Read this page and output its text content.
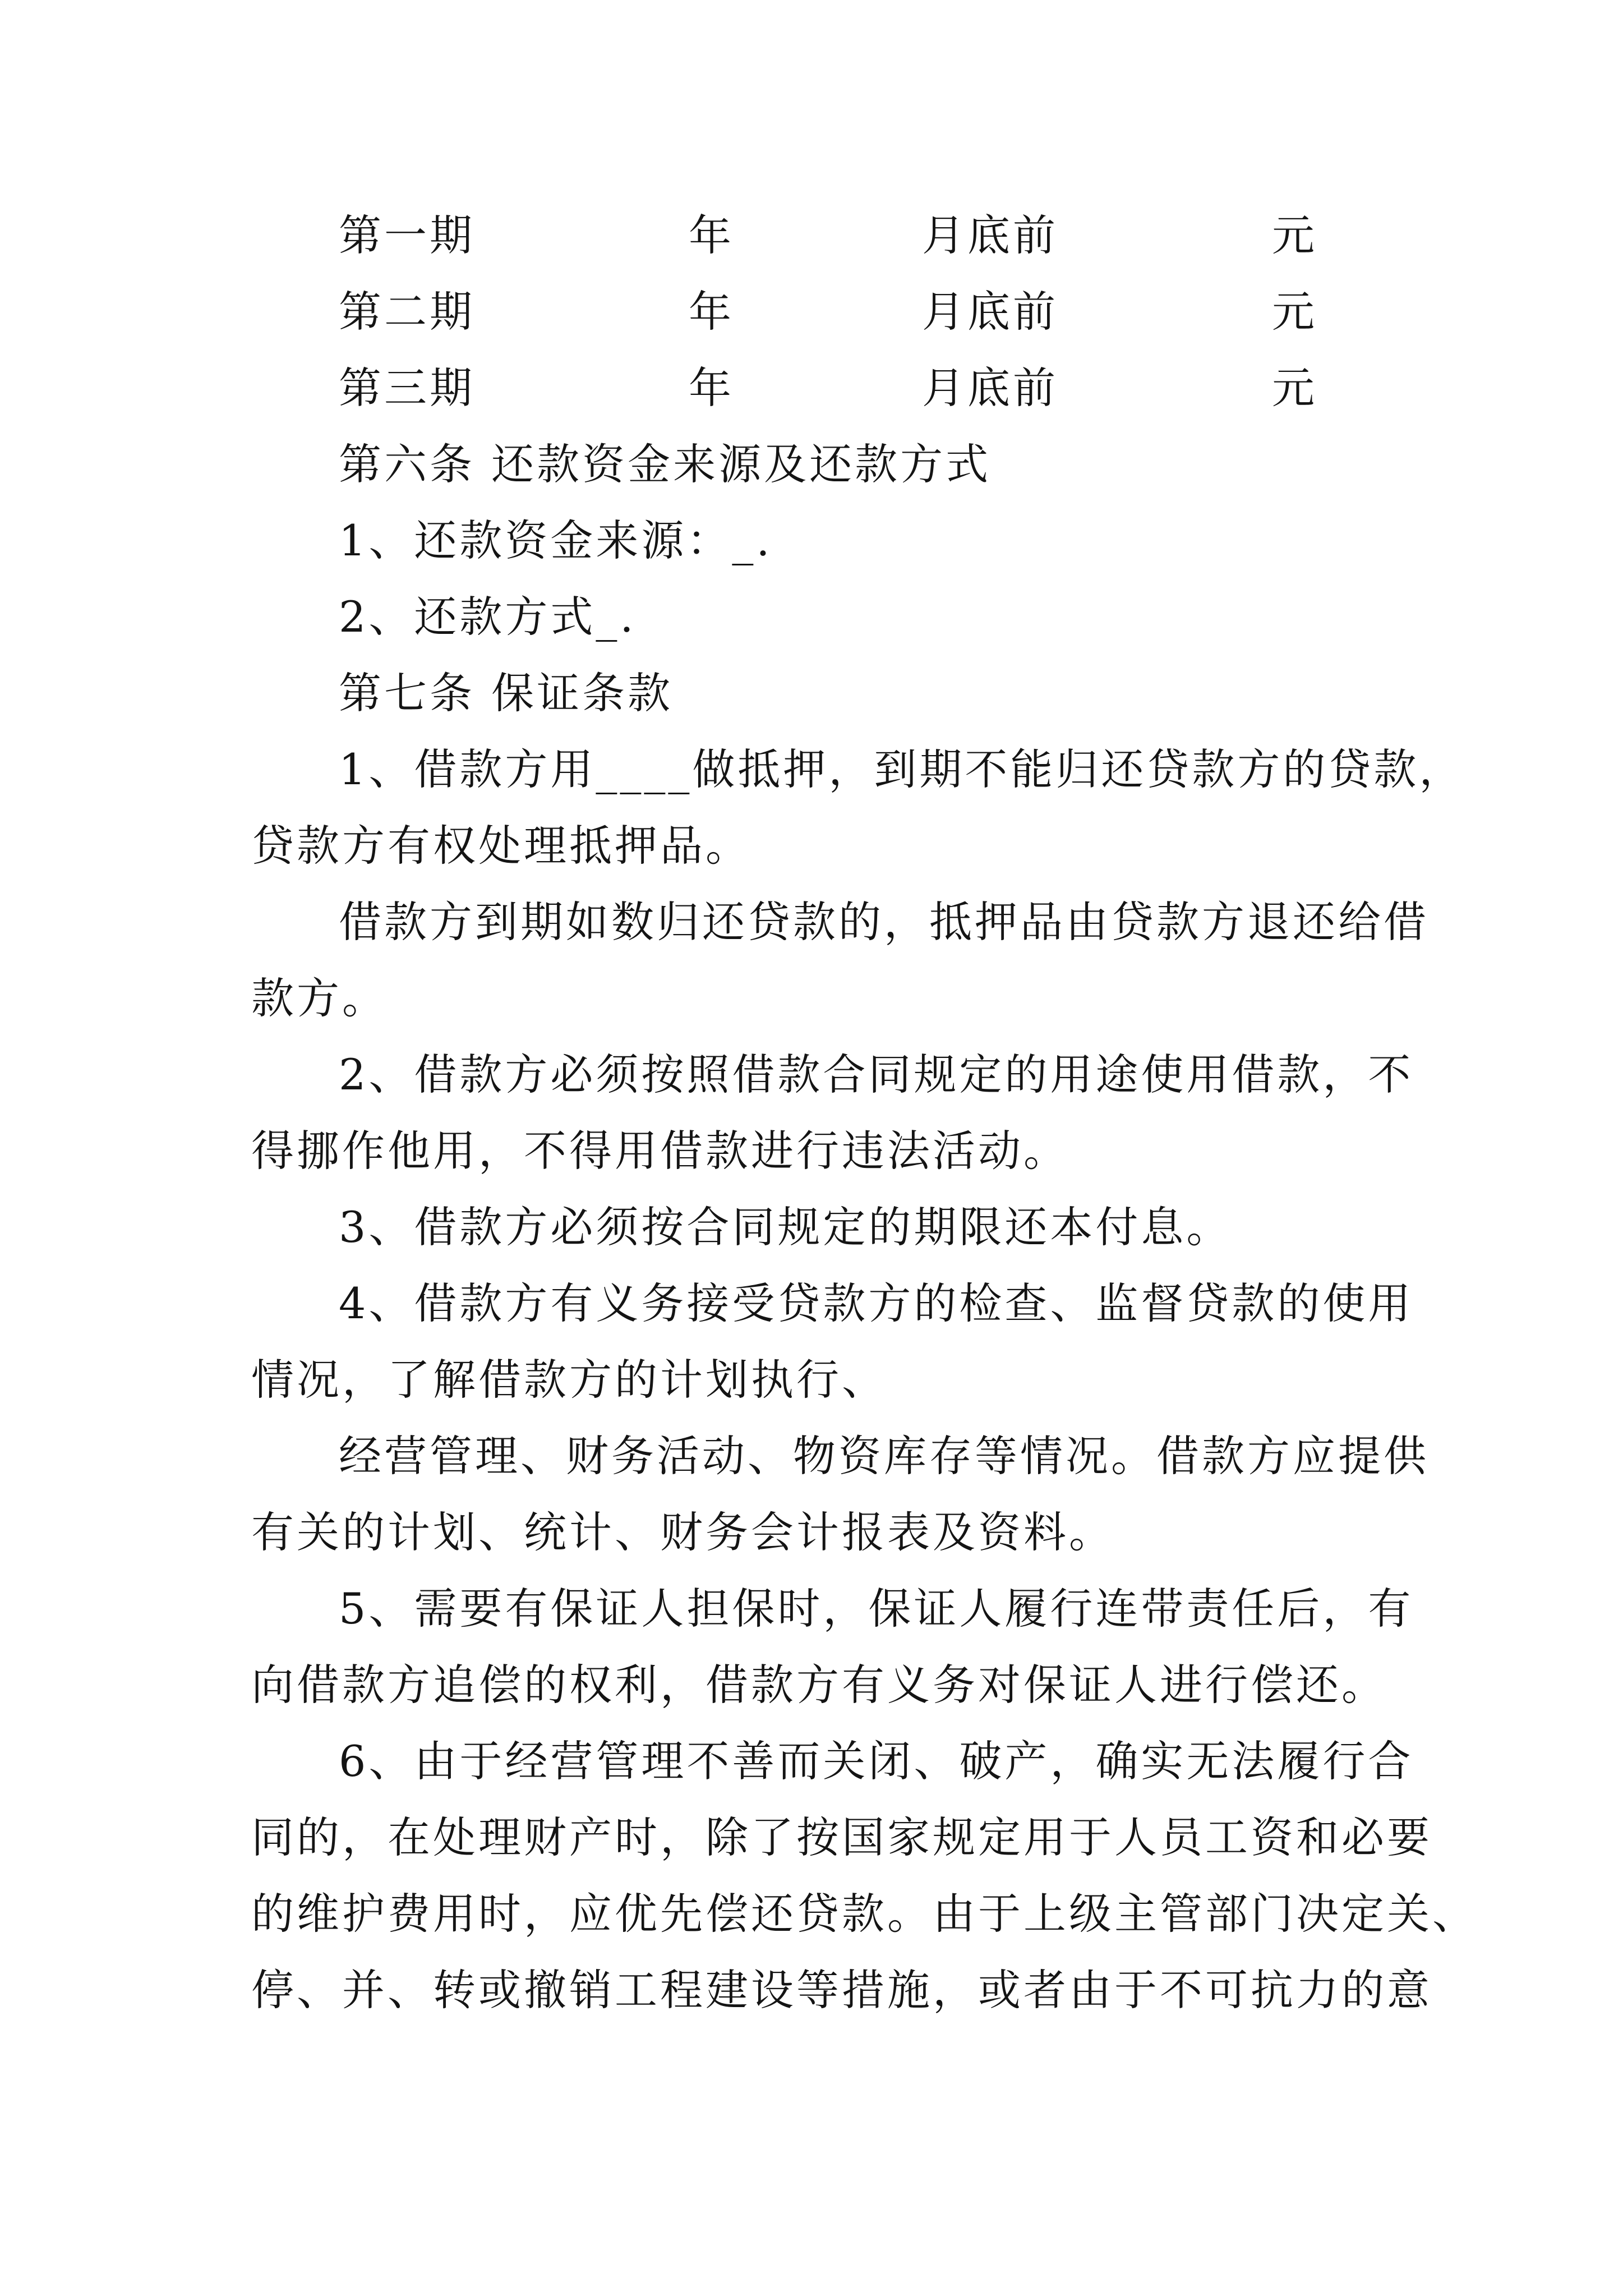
第一期	年	月底前	元
第二期	年	月底前	元
第三期	年	月底前	元
第六条 还款资金来源及还款方式
1、还款资金来源：_.
2、还款方式_.
第七条 保证条款
1、借款方用____做抵押，到期不能归还贷款方的贷款，
贷款方有权处理抵押品。
借款方到期如数归还贷款的，抵押品由贷款方退还给借
款方。
2、借款方必须按照借款合同规定的用途使用借款，不
得挪作他用，不得用借款进行违法活动。
3、借款方必须按合同规定的期限还本付息。
4、借款方有义务接受贷款方的检查、监督贷款的使用
情况，了解借款方的计划执行、
经营管理、财务活动、物资库存等情况。借款方应提供
有关的计划、统计、财务会计报表及资料。
5、需要有保证人担保时，保证人履行连带责任后，有
向借款方追偿的权利，借款方有义务对保证人进行偿还。
6、由于经营管理不善而关闭、破产，确实无法履行合
同的，在处理财产时，除了按国家规定用于人员工资和必要
的维护费用时，应优先偿还贷款。由于上级主管部门决定关、
停、并、转或撤销工程建设等措施，或者由于不可抗力的意
